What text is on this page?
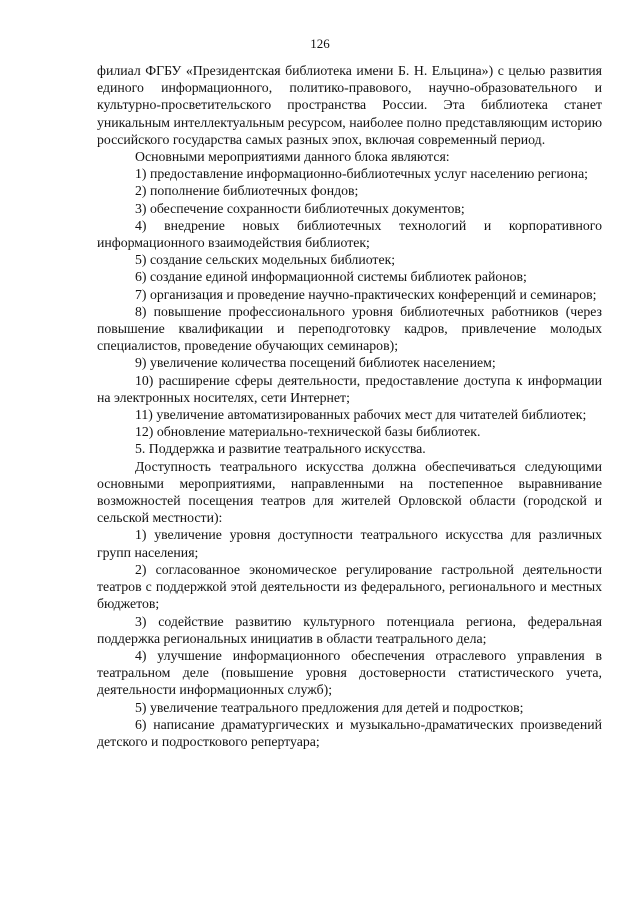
126

филиал ФГБУ «Президентская библиотека имени Б. Н. Ельцина») с целью развития единого информационного, политико-правового, научно-образовательного и культурно-просветительского пространства России. Эта библиотека станет уникальным интеллектуальным ресурсом, наиболее полно представляющим историю российского государства самых разных эпох, включая современный период.

Основными мероприятиями данного блока являются:

1) предоставление информационно-библиотечных услуг населению региона;

2) пополнение библиотечных фондов;

3) обеспечение сохранности библиотечных документов;

4) внедрение новых библиотечных технологий и корпоративного информационного взаимодействия библиотек;

5) создание сельских модельных библиотек;

6) создание единой информационной системы библиотек районов;

7) организация и проведение научно-практических конференций и семинаров;

8) повышение профессионального уровня библиотечных работников (через повышение квалификации и переподготовку кадров, привлечение молодых специалистов, проведение обучающих семинаров);

9) увеличение количества посещений библиотек населением;

10) расширение сферы деятельности, предоставление доступа к информации на электронных носителях, сети Интернет;

11) увеличение автоматизированных рабочих мест для читателей библиотек;

12) обновление материально-технической базы библиотек.

5. Поддержка и развитие театрального искусства.

Доступность театрального искусства должна обеспечиваться следующими основными мероприятиями, направленными на постепенное выравнивание возможностей посещения театров для жителей Орловской области (городской и сельской местности):

1) увеличение уровня доступности театрального искусства для различных групп населения;

2) согласованное экономическое регулирование гастрольной деятельности театров с поддержкой этой деятельности из федерального, регионального и местных бюджетов;

3) содействие развитию культурного потенциала региона, федеральная поддержка региональных инициатив в области театрального дела;

4) улучшение информационного обеспечения отраслевого управления в театральном деле (повышение уровня достоверности статистического учета, деятельности информационных служб);

5) увеличение театрального предложения для детей и подростков;

6) написание драматургических и музыкально-драматических произведений детского и подросткового репертуара;
